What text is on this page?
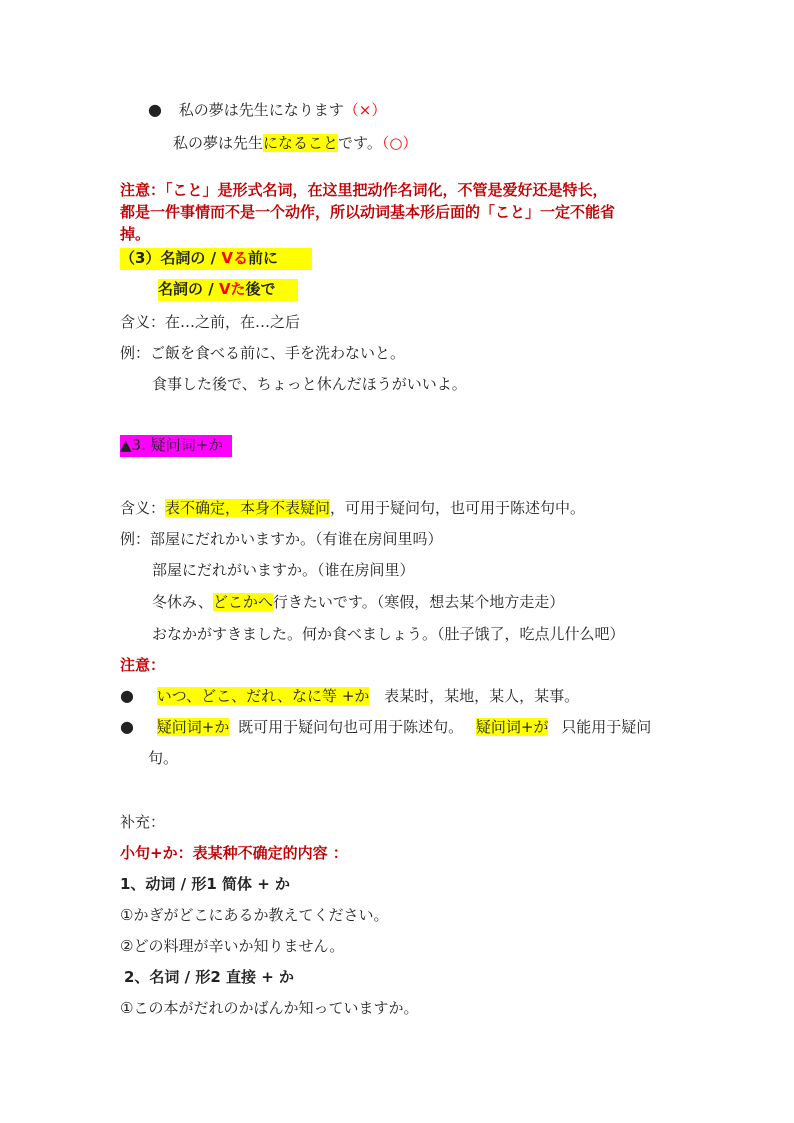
● 私の夢は先生になります（×）
私の夢は先生になることです。（○）
注意：「こと」是形式名词，在这里把动作名词化，不管是爱好还是特长，
都是一件事情而不是一个动作，所以动词基本形后面的「こと」一定不能省
掉。
（3）名詞の / Vる前に
名詞の / Vた後で
含义：在…之前，在…之后
例：ご飯を食べる前に、手を洗わないと。
食事した後で、ちょっと休んだほうがいいよ。
▲3. 疑问词+か
含义：表不确定，本身不表疑问，可用于疑问句，也可用于陈述句中。
例：部屋にだれかいますか。（有谁在房间里吗）
部屋にだれがいますか。（谁在房间里）
冬休み、どこかへ行きたいです。（寒假，想去某个地方走走）
おなかがすきました。何か食べましょう。（肚子饿了，吃点儿什么吧）
注意：
● いつ、どこ、だれ、なに等 +か 表某时，某地，某人，某事。
● 疑问词+か 既可用于疑问句也可用于陈述句。 疑问词+が 只能用于疑问
句。
补充：
小句+か：表某种不确定的内容 ：
1、动词 / 形1 简体 + か
①かぎがどこにあるか教えてください。
②どの料理が辛いか知りません。
2、名词 / 形2 直接 + か
①この本がだれのかばんか知っていますか。
